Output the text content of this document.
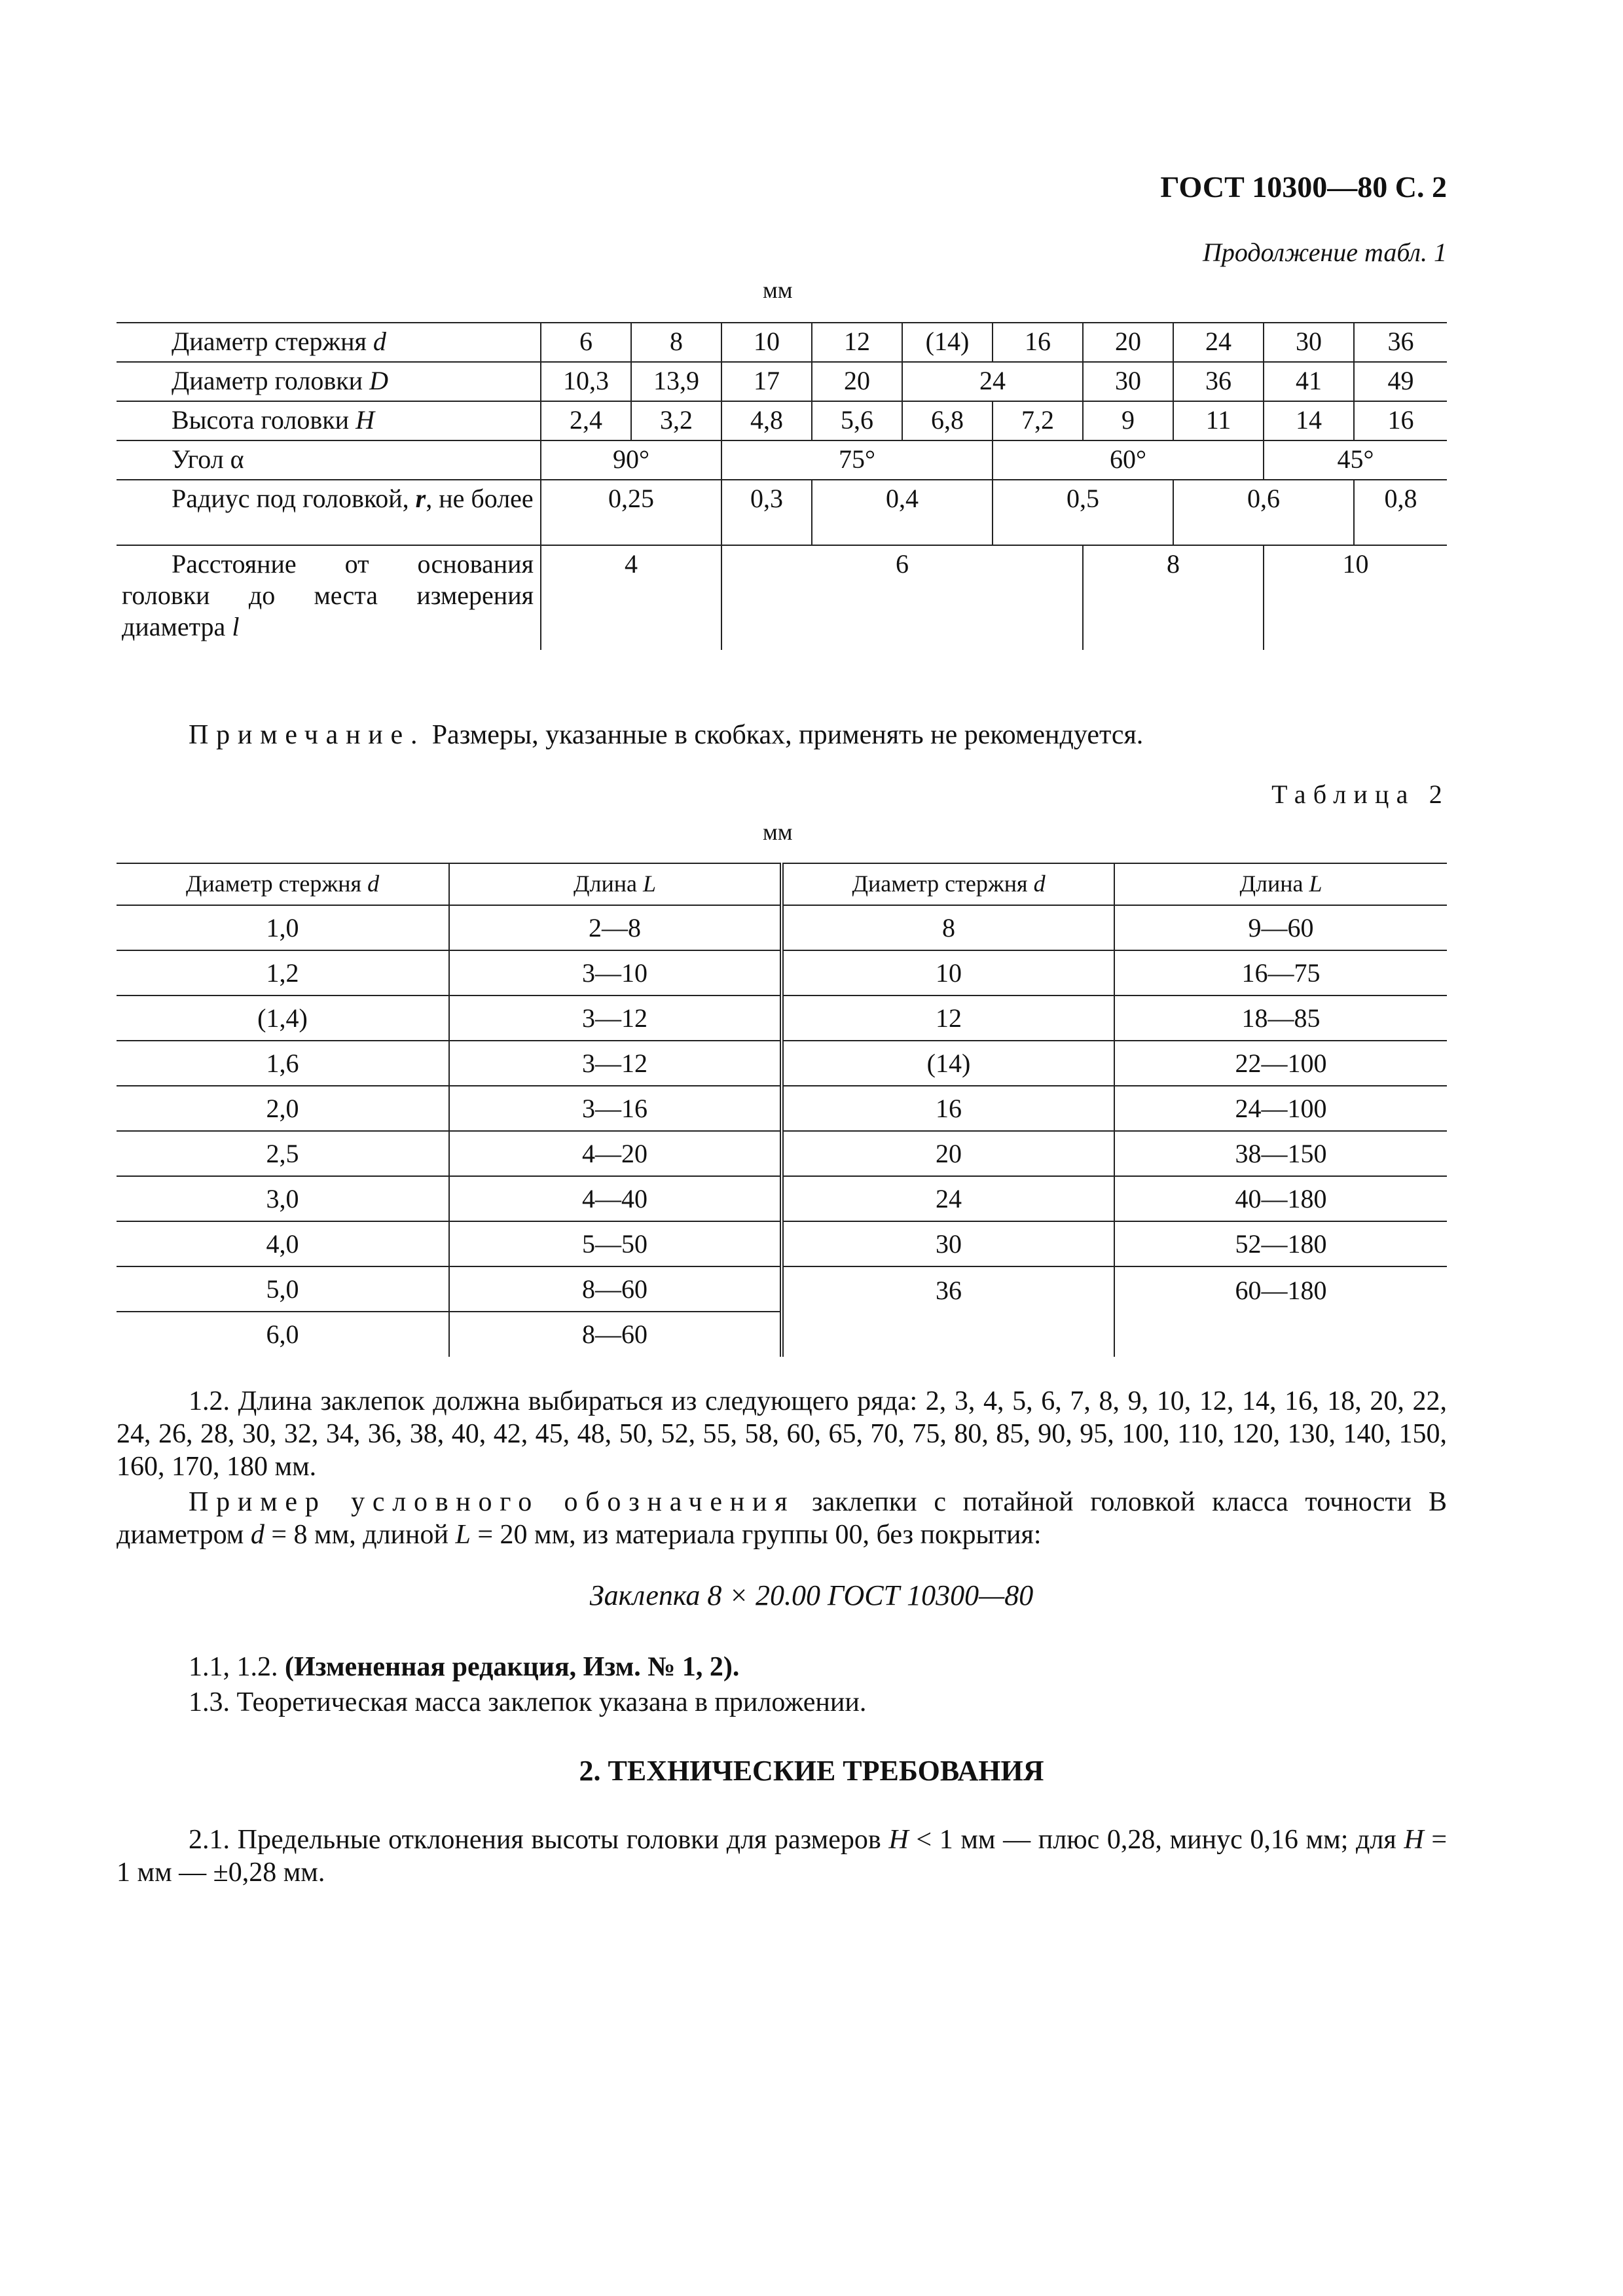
ГОСТ 10300—80 С. 2
Продолжение табл. 1
мм
Диаметр стержня d	6	8	10	12	(14)	16	20	24	30	36
Диаметр головки D	10,3	13,9	17	20	24		30	36	41	49
Высота головки H	2,4	3,2	4,8	5,6	6,8	7,2	9	11	14	16
Угол α	90°		75°			60°			45°	
Радиус под головкой, r, не более	0,25		0,3	0,4		0,5		0,6		0,8
Расстояние от основания головки до места измерения диаметра l	4		6				8		10	
Примечание. Размеры, указанные в скобках, применять не рекомендуется.
Таблица 2
мм
Диаметр стержня d	Длина L	Диаметр стержня d	Длина L
1,0	2—8	8	9—60
1,2	3—10	10	16—75
(1,4)	3—12	12	18—85
1,6	3—12	(14)	22—100
2,0	3—16	16	24—100
2,5	4—20	20	38—150
3,0	4—40	24	40—180
4,0	5—50	30	52—180
5,0	8—60	36	60—180
6,0	8—60		
1.2. Длина заклепок должна выбираться из следующего ряда: 2, 3, 4, 5, 6, 7, 8, 9, 10, 12, 14, 16, 18, 20, 22, 24, 26, 28, 30, 32, 34, 36, 38, 40, 42, 45, 48, 50, 52, 55, 58, 60, 65, 70, 75, 80, 85, 90, 95, 100, 110, 120, 130, 140, 150, 160, 170, 180 мм.
Пример условного обозначения заклепки с потайной головкой класса точности В диаметром d = 8 мм, длиной L = 20 мм, из материала группы 00, без покрытия:
Заклепка 8 × 20.00 ГОСТ 10300—80
1.1, 1.2. (Измененная редакция, Изм. № 1, 2).
1.3. Теоретическая масса заклепок указана в приложении.
2. ТЕХНИЧЕСКИЕ ТРЕБОВАНИЯ
2.1. Предельные отклонения высоты головки для размеров H < 1 мм — плюс 0,28, минус 0,16 мм; для H = 1 мм — ±0,28 мм.
